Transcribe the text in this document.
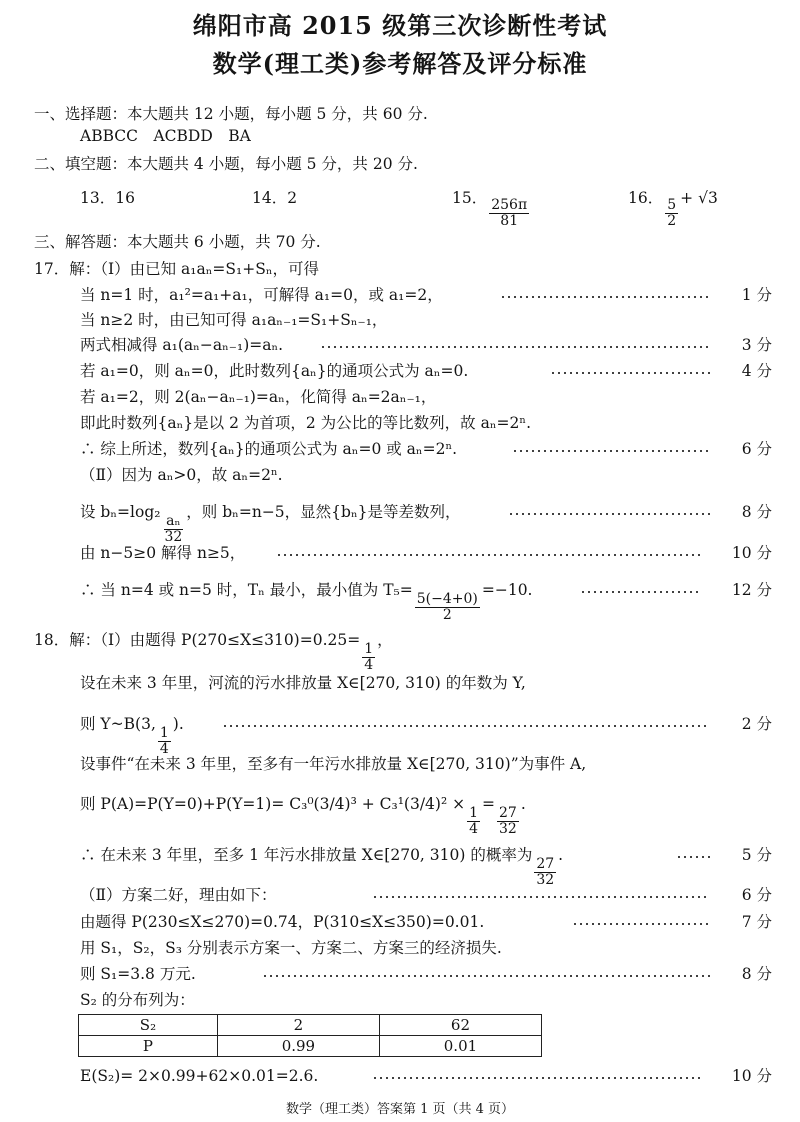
绵阳市高 2015 级第三次诊断性考试
数学(理工类)参考解答及评分标准
一、选择题：本大题共 12 小题，每小题 5 分，共 60 分.
ABBCC　ACBDD　BA
二、填空题：本大题共 4 小题，每小题 5 分，共 20 分.
13．16	14．2	15． $\frac{256\pi}{81}$	16． $\frac{5}{2} + √3$
三、解答题：本大题共 6 小题，共 70 分.
17．解：（Ⅰ）由已知 a₁aₙ=S₁+Sₙ，可得
当 n=1 时，a₁²=a₁+a₁，可解得 a₁=0，或 a₁=2，	1 分
当 n≥2 时，由已知可得 a₁aₙ₋₁=S₁+Sₙ₋₁，
两式相减得 a₁(aₙ−aₙ₋₁)=aₙ.	3 分
若 a₁=0，则 aₙ=0，此时数列{aₙ}的通项公式为 aₙ=0.	4 分
若 a₁=2，则 2(aₙ−aₙ₋₁)=aₙ，化简得 aₙ=2aₙ₋₁，
即此时数列{aₙ}是以 2 为首项，2 为公比的等比数列，故 aₙ=2ⁿ.
∴ 综上所述，数列{aₙ}的通项公式为 aₙ=0 或 aₙ=2ⁿ.	6 分
（Ⅱ）因为 aₙ>0，故 aₙ=2ⁿ.
设 bₙ=log₂
$\frac{\text{aₙ}}{32}$
，则 bₙ=n−5，显然{bₙ}是等差数列，	8 分
由 n−5≥0 解得 n≥5，	10 分
∴ 当 n=4 或 n=5 时，Tₙ 最小，最小值为 T₅=
$\frac{5(-4+0)}{2}$
=−10.	12 分
18．解：（Ⅰ）由题得 P(270≤X≤310)=0.25=
$\frac{1}{4}$
，
设在未来 3 年里，河流的污水排放量 X∈[270, 310) 的年数为 Y,
则 Y~B(3,
$\frac{1}{4}$
).	2 分
设事件“在未来 3 年里，至多有一年污水排放量 X∈[270, 310)”为事件 A,
则 P(A)=P(Y=0)+P(Y=1)= C₃⁰(3/4)³ + C₃¹(3/4)² ×
$\frac{1}{4}$
=
$\frac{27}{32}$
.
∴ 在未来 3 年里，至多 1 年污水排放量 X∈[270, 310) 的概率为
$\frac{27}{32}$
.	5 分
（Ⅱ）方案二好，理由如下：	6 分
由题得 P(230≤X≤270)=0.74，P(310≤X≤350)=0.01.	7 分
用 S₁，S₂，S₃ 分别表示方案一、方案二、方案三的经济损失.
则 S₁=3.8 万元.	8 分
S₂ 的分布列为：
S₂	2	62
P	0.99	0.01
E(S₂)= 2×0.99+62×0.01=2.6.	10 分
数学（理工类）答案第 1 页（共 4 页）
